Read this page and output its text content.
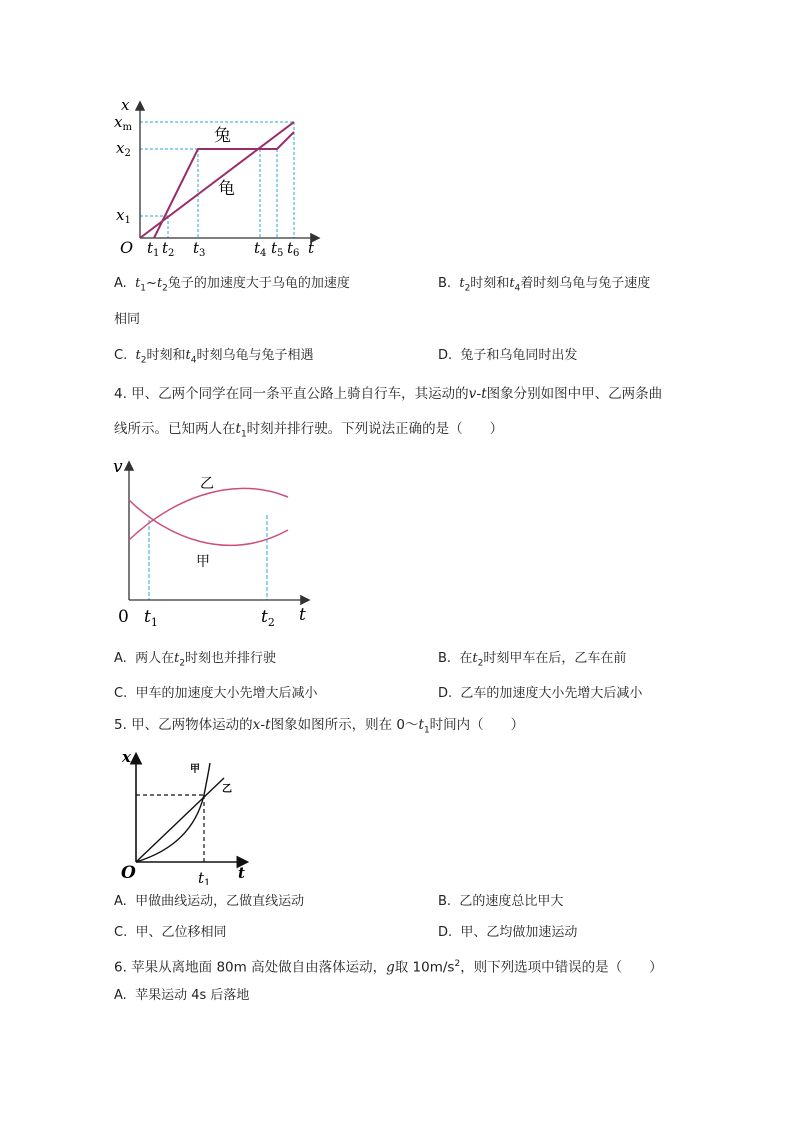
x
t
O
$x_m$
$x_2$
$x_1$
$t_1$ $t_2$ $t_3$	$t_4$ $t_5$ $t_6$
兔
龟
A. $t_1\sim t_2$兔子的加速度大于乌龟的加速度	B. $t_2$时刻和$t_4$着时刻乌龟与兔子速度
相同
C. $t_2$时刻和$t_4$时刻乌龟与兔子相遇	D. 兔子和乌龟同时出发
4. 甲、乙两个同学在同一条平直公路上骑自行车，其运动的v-t图象分别如图中甲、乙两条曲
线所示。已知两人在$t_1$时刻并排行驶。下列说法正确的是（　　）
v
t
0 $t_1$	$t_2$
乙
甲
A. 两人在$t_2$时刻也并排行驶	B. 在$t_2$时刻甲车在后，乙车在前
C. 甲车的加速度大小先增大后减小	D. 乙车的加速度大小先增大后减小
5. 甲、乙两物体运动的x-t图象如图所示，则在 $0\sim t_1$时间内（　　）
x
t
O	$t_1$
甲
乙
A. 甲做曲线运动，乙做直线运动	B. 乙的速度总比甲大
C. 甲、乙位移相同	D. 甲、乙均做加速运动
6. 苹果从离地面 80m 高处做自由落体运动，g取 $10m/s^2$，则下列选项中错误的是（　　）
A. 苹果运动 4s 后落地
